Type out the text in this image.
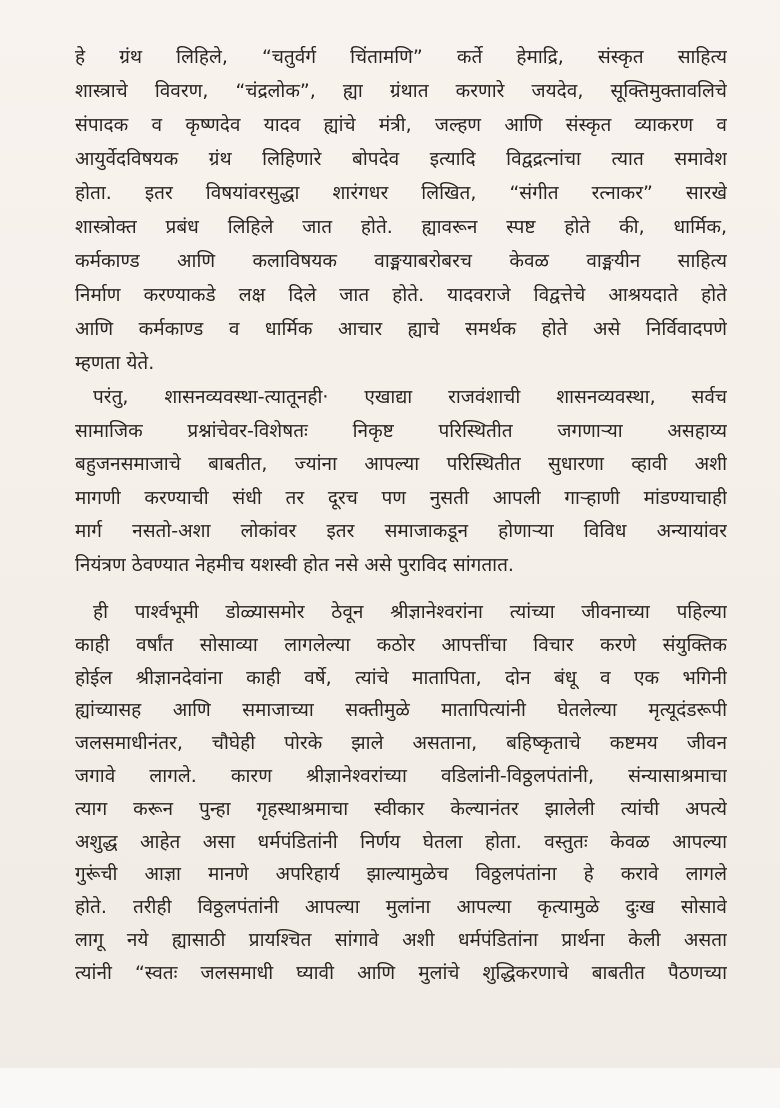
हे ग्रंथ लिहिले, “चतुर्वर्ग चिंतामणि” कर्ते हेमाद्रि, संस्कृत साहित्य
शास्त्राचे विवरण, “चंद्रलोक”, ह्या ग्रंथात करणारे जयदेव, सूक्तिमुक्तावलिचे
संपादक व कृष्णदेव यादव ह्यांचे मंत्री, जल्हण आणि संस्कृत व्याकरण व
आयुर्वेदविषयक ग्रंथ लिहिणारे बोपदेव इत्यादि विद्वद्रत्नांचा त्यात समावेश
होता. इतर विषयांवरसुद्धा शारंगधर लिखित, “संगीत रत्नाकर” सारखे
शास्त्रोक्त प्रबंध लिहिले जात होते. ह्यावरून स्पष्ट होते की, धार्मिक,
कर्मकाण्ड आणि कलाविषयक वाङ्मयाबरोबरच केवळ वाङ्मयीन साहित्य
निर्माण करण्याकडे लक्ष दिले जात होते. यादवराजे विद्वत्तेचे आश्रयदाते होते
आणि कर्मकाण्ड व धार्मिक आचार ह्याचे समर्थक होते असे निर्विवादपणे
म्हणता येते.
परंतु, शासनव्यवस्था-त्यातूनही· एखाद्या राजवंशाची शासनव्यवस्था, सर्वच
सामाजिक प्रश्नांचेवर-विशेषतः निकृष्ट परिस्थितीत जगणाऱ्या असहाय्य
बहुजनसमाजाचे बाबतीत, ज्यांना आपल्या परिस्थितीत सुधारणा व्हावी अशी
मागणी करण्याची संधी तर दूरच पण नुसती आपली गाऱ्हाणी मांडण्याचाही
मार्ग नसतो-अशा लोकांवर इतर समाजाकडून होणाऱ्या विविध अन्यायांवर
नियंत्रण ठेवण्यात नेहमीच यशस्वी होत नसे असे पुराविद सांगतात.
ही पार्श्वभूमी डोळ्यासमोर ठेवून श्रीज्ञानेश्वरांना त्यांच्या जीवनाच्या पहिल्या
काही वर्षांत सोसाव्या लागलेल्या कठोर आपत्तींचा विचार करणे संयुक्तिक
होईल श्रीज्ञानदेवांना काही वर्षे, त्यांचे मातापिता, दोन बंधू व एक भगिनी
ह्यांच्यासह आणि समाजाच्या सक्तीमुळे मातापित्यांनी घेतलेल्या मृत्यूदंडरूपी
जलसमाधीनंतर, चौघेही पोरके झाले असताना, बहिष्कृताचे कष्टमय जीवन
जगावे लागले. कारण श्रीज्ञानेश्वरांच्या वडिलांनी-विठ्ठलपंतांनी, संन्यासाश्रमाचा
त्याग करून पुन्हा गृहस्थाश्रमाचा स्वीकार केल्यानंतर झालेली त्यांची अपत्ये
अशुद्ध आहेत असा धर्मपंडितांनी निर्णय घेतला होता. वस्तुतः केवळ आपल्या
गुरूंची आज्ञा मानणे अपरिहार्य झाल्यामुळेच विठ्ठलपंतांना हे करावे लागले
होते. तरीही विठ्ठलपंतांनी आपल्या मुलांना आपल्या कृत्यामुळे दुःख सोसावे
लागू नये ह्यासाठी प्रायश्चित सांगावे अशी धर्मपंडितांना प्रार्थना केली असता
त्यांनी “स्वतः जलसमाधी घ्यावी आणि मुलांचे शुद्धिकरणाचे बाबतीत पैठणच्या
